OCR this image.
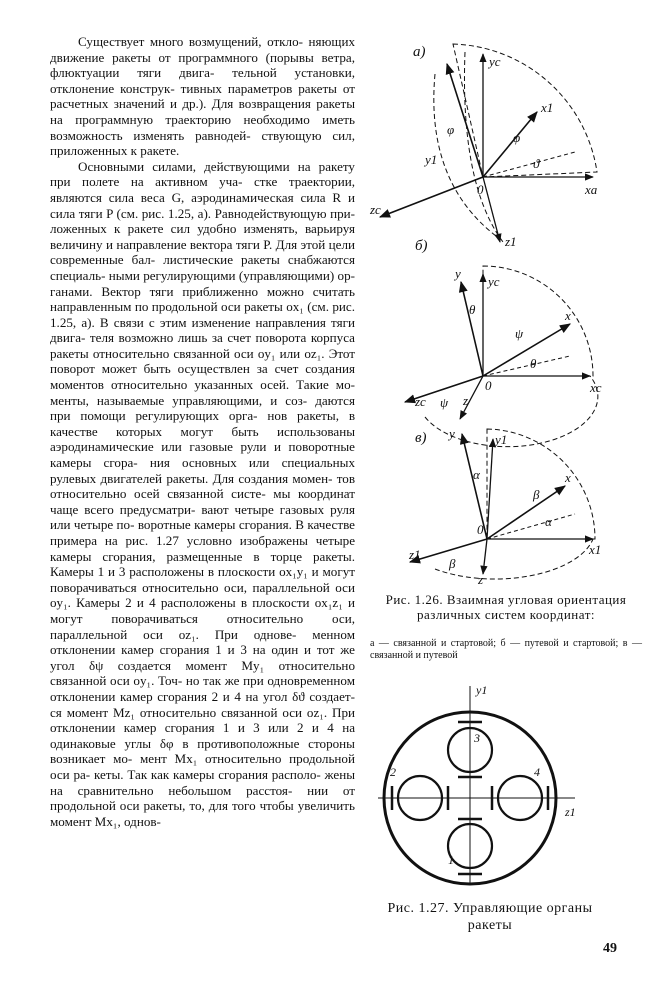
Существует много возмущений, откло- няющих движение ракеты от программного (порывы ветра, флюктуации тяги двига- тельной установки, отклонение конструк- тивных параметров ракеты от расчетных значений и др.). Для возвращения ракеты на программную траекторию необходимо иметь возможность изменять равнодей- ствующую сил, приложенных к ракете.

Основными силами, действующими на ракету при полете на активном уча- стке траектории, являются сила веса G, аэродинамическая сила R и сила тяги P (см. рис. 1.25, а). Равнодействующую при- ложенных к ракете сил удобно изменять, варьируя величину и направление вектора тяги P. Для этой цели современные бал- листические ракеты снабжаются специаль- ными регулирующими (управляющими) ор- ганами. Вектор тяги приближенно можно считать направленным по продольной оси ракеты ox₁ (см. рис. 1.25, а). В связи с этим изменение направления тяги двига- теля возможно лишь за счет поворота корпуса ракеты относительно связанной оси oy₁ или oz₁. Этот поворот может быть осуществлен за счет создания моментов относительно указанных осей. Такие мо- менты, называемые управляющими, и соз- даются при помощи регулирующих орга- нов ракеты, в качестве которых могут быть использованы аэродинамические или газовые рули и поворотные камеры сгора- ния основных или специальных рулевых двигателей ракеты. Для создания момен- тов относительно осей связанной систе- мы координат чаще всего предусматри- вают четыре газовых руля или четыре по- воротные камеры сгорания. В качестве примера на рис. 1.27 условно изображены четыре камеры сгорания, размещенные в торце ракеты. Камеры 1 и 3 расположены в плоскости ox₁y₁ и могут поворачиваться относительно оси, параллельной оси oy₁. Камеры 2 и 4 расположены в плоскости ox₁z₁ и могут поворачиваться относительно оси, параллельной оси oz₁. При однове- менном отклонении камер сгорания 1 и 3 на один и тот же угол δψ создается момент My₁ относительно связанной оси oy₁. Точ- но так же при одновременном отклонении камер сгорания 2 и 4 на угол δϑ создает- ся момент Mz₁ относительно связанной оси oz₁. При отклонении камер сгорания 1 и 3 или 2 и 4 на одинаковые углы δφ в противоположные стороны возникает мо- мент Mx₁ относительно продольной оси ра- кеты. Так как камеры сгорания располо- жены на сравнительно небольшом расстоя- нии от продольной оси ракеты, то, для того чтобы увеличить момент Mx₁, однов-

а)
yc
x1
y1
0	xa
zc
z1
φ
φ
ϑ
б)
y
yc
x
0	xc
zc	z
θ
ψ
θ
ψ
в) y	y1
x
0
x1
z1
z
α
β
α
β
Рис. 1.26. Взаимная угловая ориентация различных систем координат:
а — связанной и стартовой; б — путевой и стартовой; в — связанной и путевой
y1
z1
3
1
2	4
Рис. 1.27. Управляющие органы ракеты
49
